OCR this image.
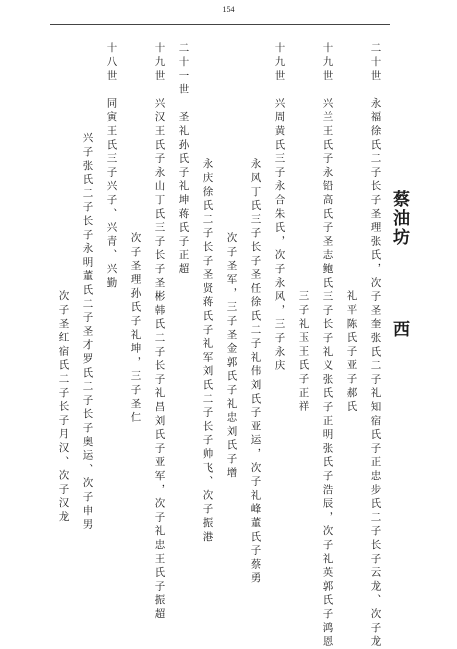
154
蔡油坊
西
二十世　永福徐氏二子长子圣理张氏，次子圣奎张氏二子礼知宿氏子正忠步氏二子长子云龙、次子龙
礼平陈氏子亚子郝氏
十九世　兴兰王氏子永铅高氏子圣志鲍氏三子长子礼义张氏子正明张氏子浩辰，次子礼英郭氏子鸿恩
三子礼玉王氏子正祥
十九世　兴周黄氏三子永合朱氏，次子永风，三子永庆
永风丁氏三子长子圣任徐氏二子礼伟刘氏子亚运，次子礼峰董氏子蔡勇
次子圣军，三子圣金郭氏子礼忠刘氏子增
永庆徐氏二子长子圣贤蒋氏子礼军刘氏二子长子帅飞、次子振港
二十一世　圣礼孙氏子礼坤蒋氏子正超
十九世　兴汉王氏子永山丁氏三子长子圣彬韩氏二子长子礼昌刘氏子亚军，次子礼忠王氏子振超
次子圣理孙氏子礼坤，三子圣仁
十八世　同寅王氏三子兴子、兴青、兴勤
兴子张氏二子长子永明董氏二子圣才罗氏二子长子奥运、次子申男
次子圣红宿氏二子长子月汉、次子汉龙
